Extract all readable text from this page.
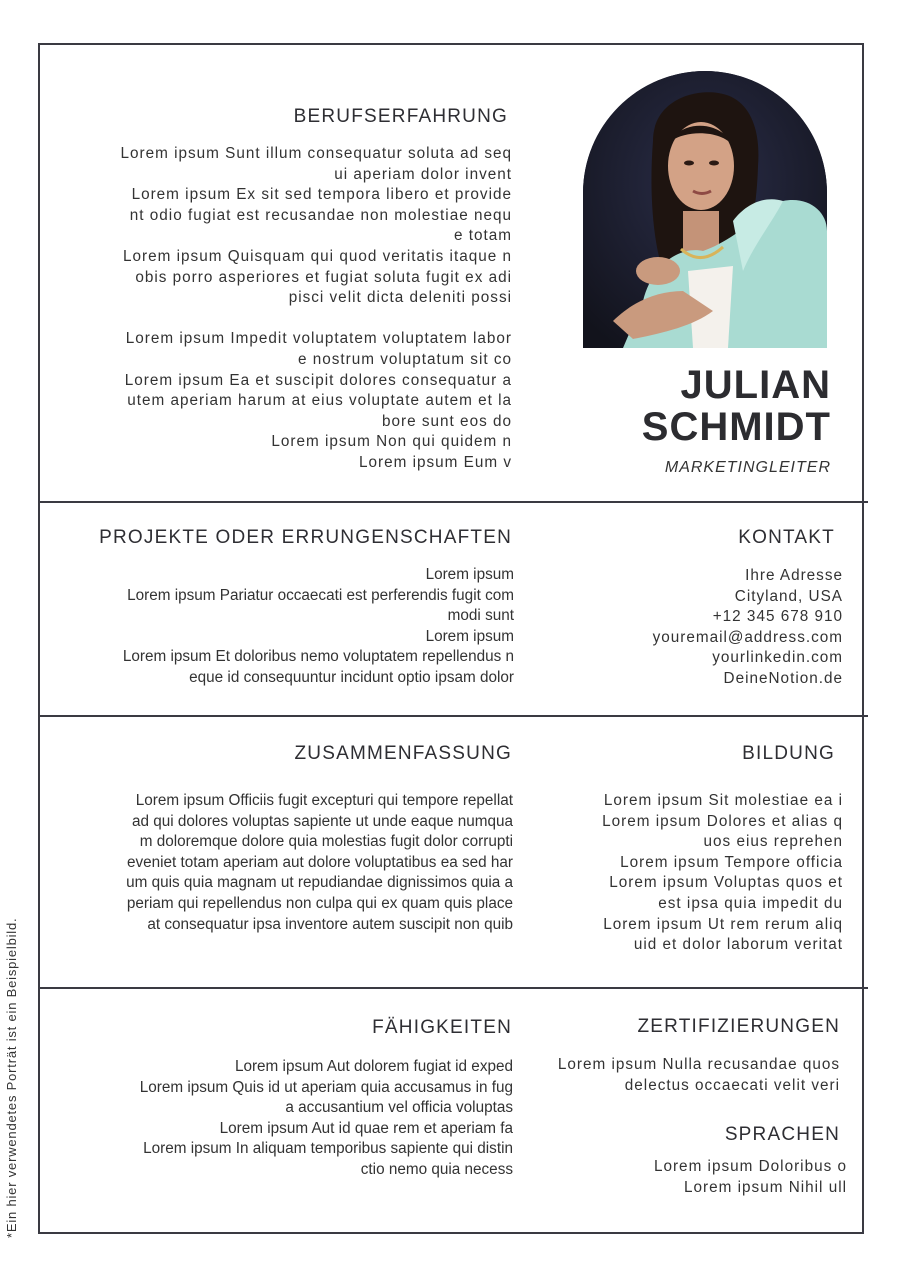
BERUFSERFAHRUNG
Lorem ipsum Sunt illum consequatur soluta ad seq
ui aperiam dolor invent
Lorem ipsum Ex sit sed tempora libero et provide
nt odio fugiat est recusandae non molestiae nequ
e totam
Lorem ipsum Quisquam qui quod veritatis itaque n
obis porro asperiores et fugiat soluta fugit ex adi
pisci velit dicta deleniti possi
Lorem ipsum Impedit voluptatem voluptatem labor
e nostrum voluptatum sit co
Lorem ipsum Ea et suscipit dolores consequatur a
utem aperiam harum at eius voluptate autem et la
bore sunt eos do
Lorem ipsum Non qui quidem n
Lorem ipsum Eum v
JULIAN
SCHMIDT
MARKETINGLEITER
PROJEKTE ODER ERRUNGENSCHAFTEN
Lorem ipsum
Lorem ipsum Pariatur occaecati est perferendis fugit com
modi sunt
Lorem ipsum
Lorem ipsum Et doloribus nemo voluptatem repellendus n
eque id consequuntur incidunt optio ipsam dolor
KONTAKT
Ihre Adresse
Cityland, USA
+12 345 678 910
youremail@address.com
yourlinkedin.com
DeineNotion.de
ZUSAMMENFASSUNG
Lorem ipsum Officiis fugit excepturi qui tempore repellat
ad qui dolores voluptas sapiente ut unde eaque numqua
m doloremque dolore quia molestias fugit dolor corrupti
eveniet totam aperiam aut dolore voluptatibus ea sed har
um quis quia magnam ut repudiandae dignissimos quia a
periam qui repellendus non culpa qui ex quam quis place
at consequatur ipsa inventore autem suscipit non quib
BILDUNG
Lorem ipsum Sit molestiae ea i
Lorem ipsum Dolores et alias q
uos eius reprehen
Lorem ipsum Tempore officia
Lorem ipsum Voluptas quos et
est ipsa quia impedit du
Lorem ipsum Ut rem rerum aliq
uid et dolor laborum veritat
FÄHIGKEITEN
Lorem ipsum Aut dolorem fugiat id exped
Lorem ipsum Quis id ut aperiam quia accusamus in fug
a accusantium vel officia voluptas
Lorem ipsum Aut id quae rem et aperiam fa
Lorem ipsum In aliquam temporibus sapiente qui distin
ctio nemo quia necess
ZERTIFIZIERUNGEN
Lorem ipsum Nulla recusandae quos
delectus occaecati velit veri
SPRACHEN
Lorem ipsum Doloribus o
Lorem ipsum Nihil ull
*Ein hier verwendetes Porträt ist ein Beispielbild.
